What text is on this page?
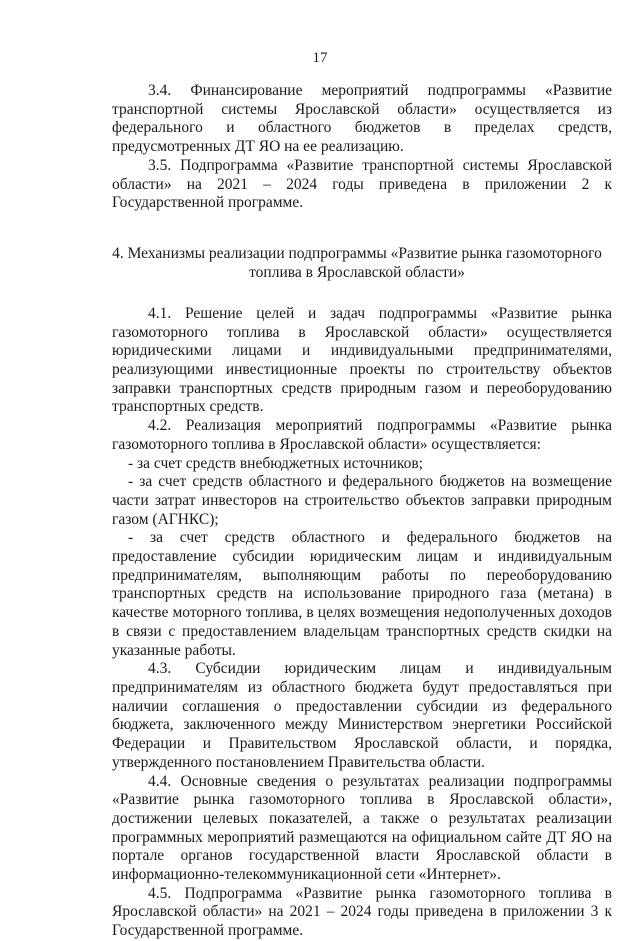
17

3.4. Финансирование мероприятий подпрограммы «Развитие транспортной системы Ярославской области» осуществляется из федерального и областного бюджетов в пределах средств, предусмотренных ДТ ЯО на ее реализацию.

3.5. Подпрограмма «Развитие транспортной системы Ярославской области» на 2021 – 2024 годы приведена в приложении 2 к Государственной программе.

4. Механизмы реализации подпрограммы «Развитие рынка газомоторного топлива в Ярославской области»

4.1. Решение целей и задач подпрограммы «Развитие рынка газомоторного топлива в Ярославской области» осуществляется юридическими лицами и индивидуальными предпринимателями, реализующими инвестиционные проекты по строительству объектов заправки транспортных средств природным газом и переоборудованию транспортных средств.

4.2. Реализация мероприятий подпрограммы «Развитие рынка газомоторного топлива в Ярославской области» осуществляется:

- за счет средств внебюджетных источников;

- за счет средств областного и федерального бюджетов на возмещение части затрат инвесторов на строительство объектов заправки природным газом (АГНКС);

- за счет средств областного и федерального бюджетов на предоставление субсидии юридическим лицам и индивидуальным предпринимателям, выполняющим работы по переоборудованию транспортных средств на использование природного газа (метана) в качестве моторного топлива, в целях возмещения недополученных доходов в связи с предоставлением владельцам транспортных средств скидки на указанные работы.

4.3. Субсидии юридическим лицам и индивидуальным предпринимателям из областного бюджета будут предоставляться при наличии соглашения о предоставлении субсидии из федерального бюджета, заключенного между Министерством энергетики Российской Федерации и Правительством Ярославской области, и порядка, утвержденного постановлением Правительства области.

4.4. Основные сведения о результатах реализации подпрограммы «Развитие рынка газомоторного топлива в Ярославской области», достижении целевых показателей, а также о результатах реализации программных мероприятий размещаются на официальном сайте ДТ ЯО на портале органов государственной власти Ярославской области в информационно-телекоммуникационной сети «Интернет».

4.5. Подпрограмма «Развитие рынка газомоторного топлива в Ярославской области» на 2021 – 2024 годы приведена в приложении 3 к Государственной программе.
